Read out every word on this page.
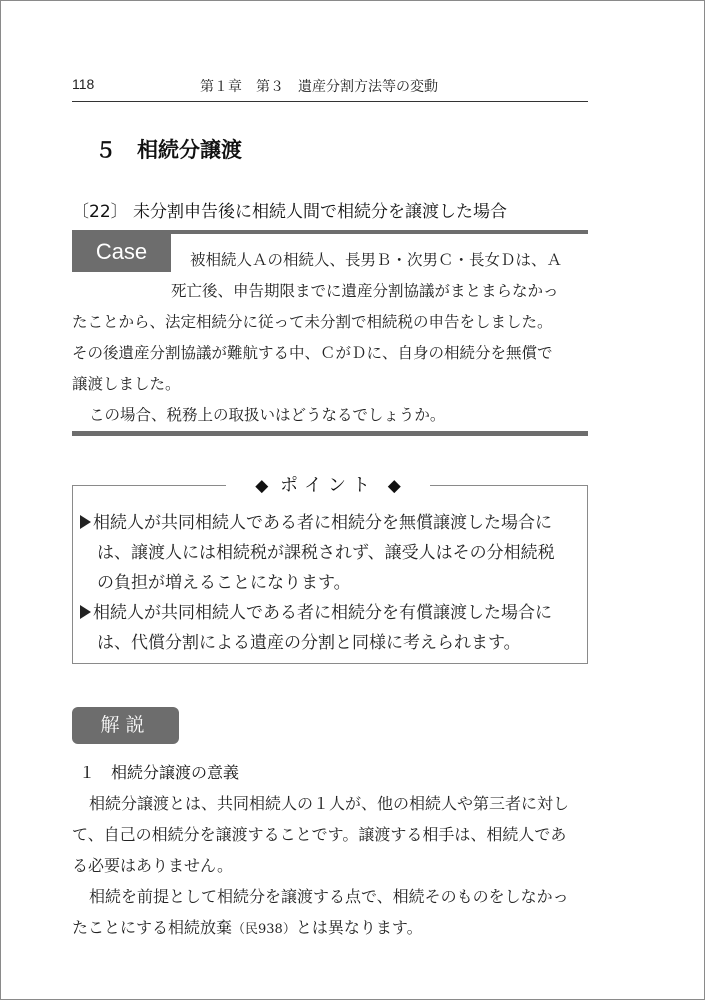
118	第１章　第３　遺産分割方法等の変動
５　相続分譲渡
〔22〕 未分割申告後に相続人間で相続分を譲渡した場合
Case	被相続人Ａの相続人、長男Ｂ・次男Ｃ・長女Ｄは、Ａ
死亡後、申告期限までに遺産分割協議がまとまらなかっ
たことから、法定相続分に従って未分割で相続税の申告をしました。
その後遺産分割協議が難航する中、ＣがＤに、自身の相続分を無償で
譲渡しました。
この場合、税務上の取扱いはどうなるでしょうか。
◆ ポイント ◆
相続人が共同相続人である者に相続分を無償譲渡した場合に
は、譲渡人には相続税が課税されず、譲受人はその分相続税
の負担が増えることになります。
相続人が共同相続人である者に相続分を有償譲渡した場合に
は、代償分割による遺産の分割と同様に考えられます。
解説
１　相続分譲渡の意義
相続分譲渡とは、共同相続人の１人が、他の相続人や第三者に対し
て、自己の相続分を譲渡することです。譲渡する相手は、相続人であ
る必要はありません。
相続を前提として相続分を譲渡する点で、相続そのものをしなかっ
たことにする相続放棄（民938）とは異なります。
